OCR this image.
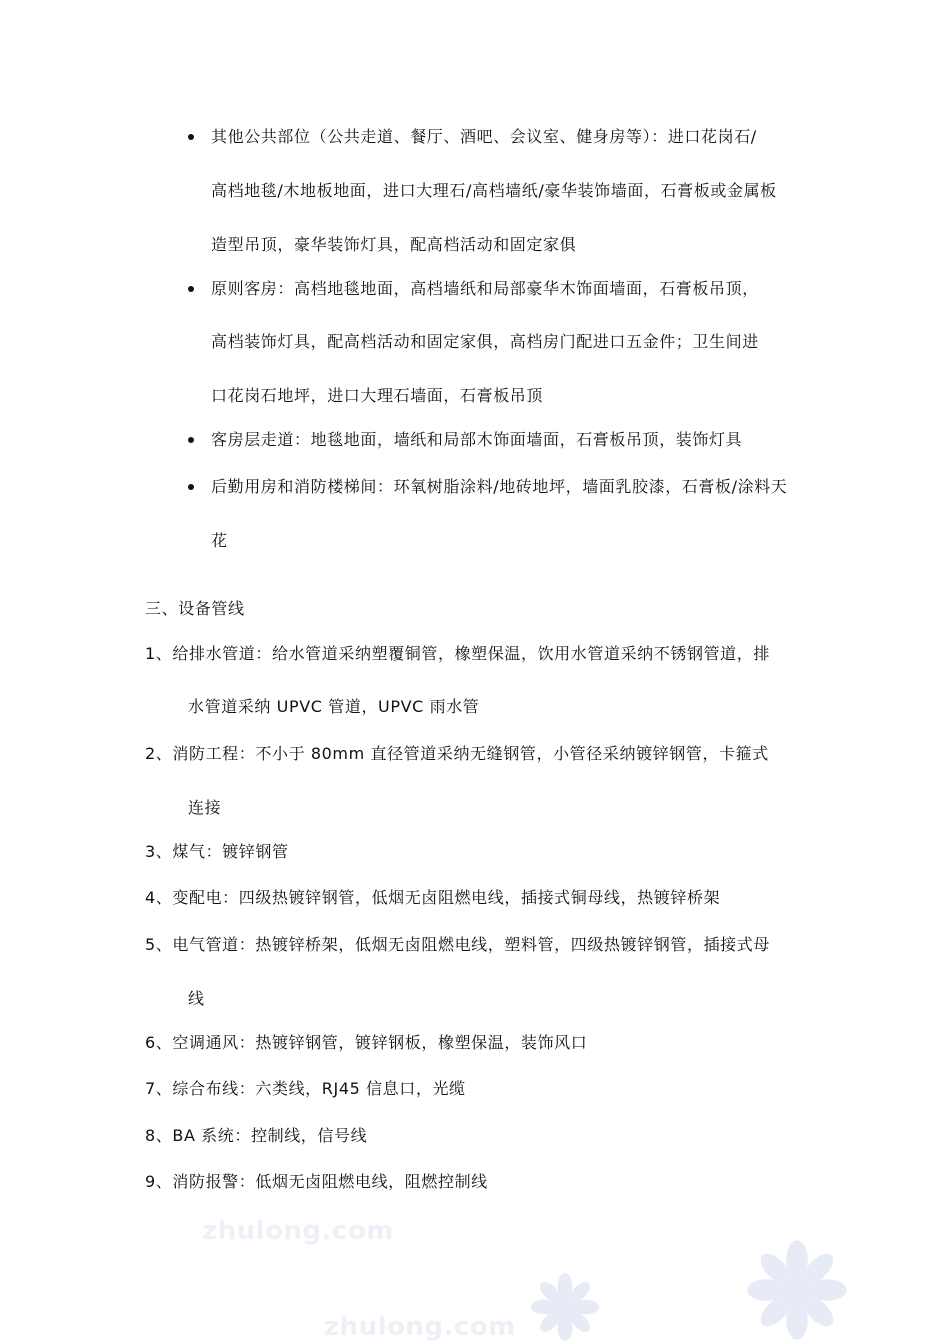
其他公共部位（公共走道、餐厅、酒吧、会议室、健身房等）：进口花岗石/
高档地毯/木地板地面，进口大理石/高档墙纸/豪华装饰墙面，石膏板或金属板
造型吊顶，豪华装饰灯具，配高档活动和固定家俱
原则客房：高档地毯地面，高档墙纸和局部豪华木饰面墙面，石膏板吊顶，
高档装饰灯具，配高档活动和固定家俱，高档房门配进口五金件；卫生间进
口花岗石地坪，进口大理石墙面，石膏板吊顶
客房层走道：地毯地面，墙纸和局部木饰面墙面，石膏板吊顶，装饰灯具
后勤用房和消防楼梯间：环氧树脂涂料/地砖地坪，墙面乳胶漆，石膏板/涂料天
花
三、设备管线
1、给排水管道：给水管道采纳塑覆铜管，橡塑保温，饮用水管道采纳不锈钢管道，排
水管道采纳 UPVC 管道，UPVC 雨水管
2、消防工程：不小于 80mm 直径管道采纳无缝钢管，小管径采纳镀锌钢管，卡箍式
连接
3、煤气：镀锌钢管
4、变配电：四级热镀锌钢管，低烟无卤阻燃电线，插接式铜母线，热镀锌桥架
5、电气管道：热镀锌桥架，低烟无卤阻燃电线，塑料管，四级热镀锌钢管，插接式母
线
6、空调通风：热镀锌钢管，镀锌钢板，橡塑保温，装饰风口
7、综合布线：六类线，RJ45 信息口，光缆
8、BA 系统：控制线，信号线
9、消防报警：低烟无卤阻燃电线，阻燃控制线
zhulong.com
zhulong.com
